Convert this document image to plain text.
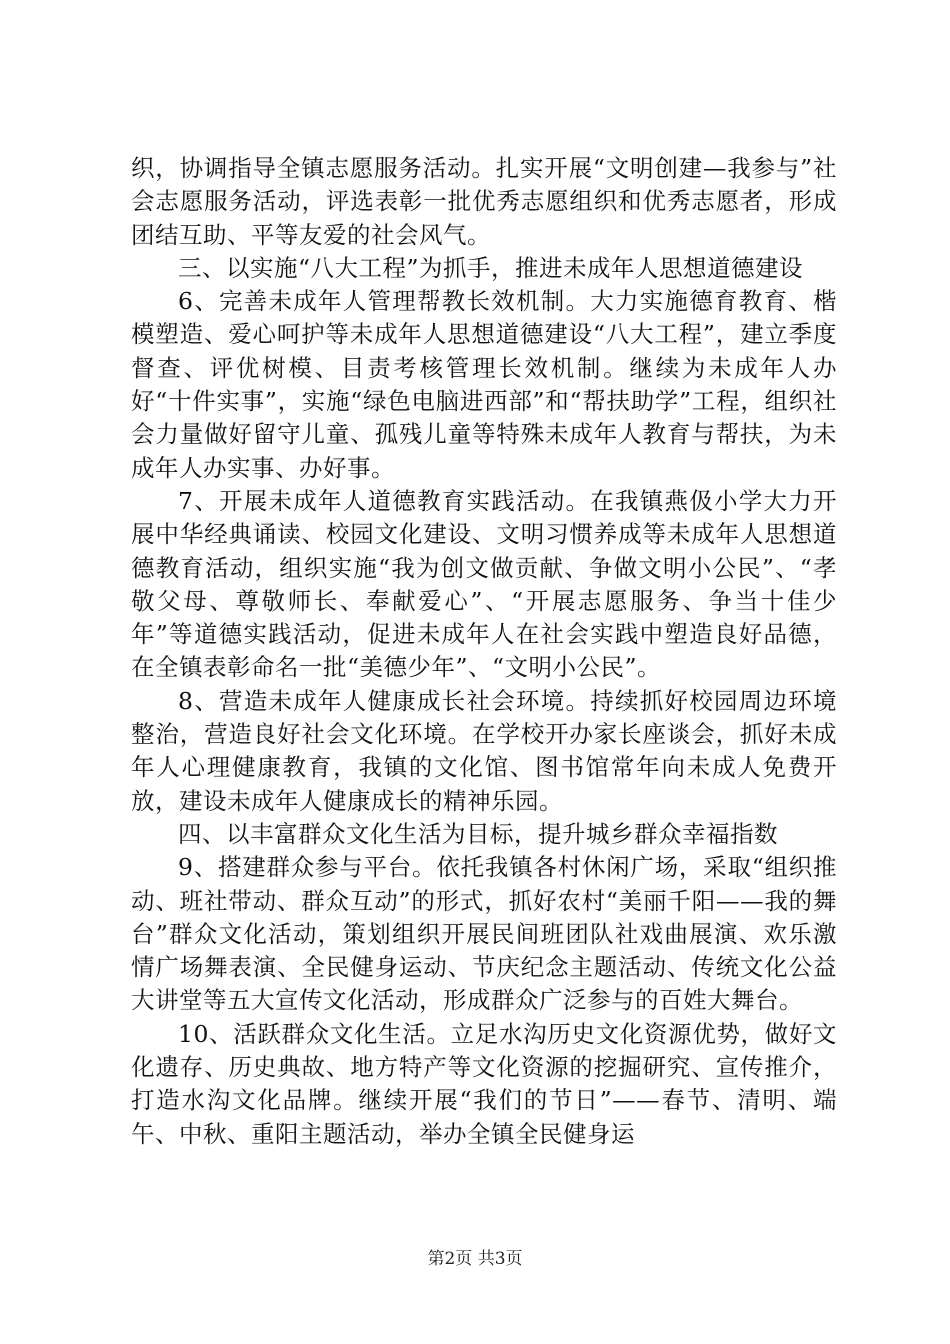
织，协调指导全镇志愿服务活动。扎实开展“文明创建—我参与”社会志愿服务活动，评选表彰一批优秀志愿组织和优秀志愿者，形成团结互助、平等友爱的社会风气。

三、以实施“八大工程”为抓手，推进未成年人思想道德建设

6、完善未成年人管理帮教长效机制。大力实施德育教育、楷模塑造、爱心呵护等未成年人思想道德建设“八大工程”，建立季度督查、评优树模、目责考核管理长效机制。继续为未成年人办好“十件实事”，实施“绿色电脑进西部”和“帮扶助学”工程，组织社会力量做好留守儿童、孤残儿童等特殊未成年人教育与帮扶，为未成年人办实事、办好事。

7、开展未成年人道德教育实践活动。在我镇燕伋小学大力开展中华经典诵读、校园文化建设、文明习惯养成等未成年人思想道德教育活动，组织实施“我为创文做贡献、争做文明小公民”、“孝敬父母、尊敬师长、奉献爱心”、“开展志愿服务、争当十佳少年”等道德实践活动，促进未成年人在社会实践中塑造良好品德，在全镇表彰命名一批“美德少年”、“文明小公民”。

8、营造未成年人健康成长社会环境。持续抓好校园周边环境整治，营造良好社会文化环境。在学校开办家长座谈会，抓好未成年人心理健康教育，我镇的文化馆、图书馆常年向未成人免费开放，建设未成年人健康成长的精神乐园。

四、以丰富群众文化生活为目标，提升城乡群众幸福指数

9、搭建群众参与平台。依托我镇各村休闲广场，采取“组织推动、班社带动、群众互动”的形式，抓好农村“美丽千阳——我的舞台”群众文化活动，策划组织开展民间班团队社戏曲展演、欢乐激情广场舞表演、全民健身运动、节庆纪念主题活动、传统文化公益大讲堂等五大宣传文化活动，形成群众广泛参与的百姓大舞台。

10、活跃群众文化生活。立足水沟历史文化资源优势，做好文化遗存、历史典故、地方特产等文化资源的挖掘研究、宣传推介，打造水沟文化品牌。继续开展“我们的节日”——春节、清明、端午、中秋、重阳主题活动，举办全镇全民健身运

第2页 共3页
